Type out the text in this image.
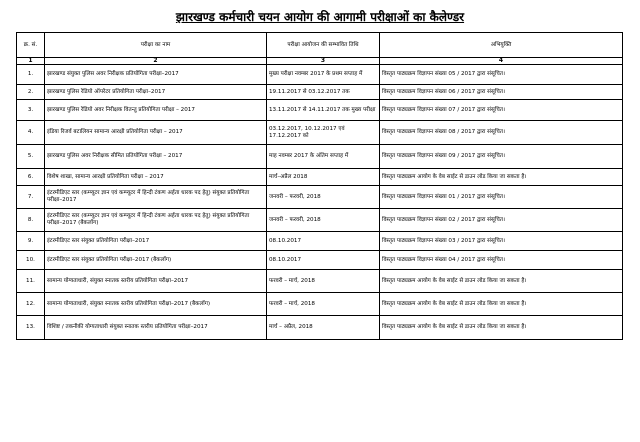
झारखण्ड कर्मचारी चयन आयोग की आगामी परीक्षाओं का कैलेण्डर
क्र. सं.	परीक्षा का नाम	परीक्षा आयोजन की सम्भावित तिथि	अभियुक्ति
1	2	3	4
1.	झारखण्ड संयुक्त पुलिस अवर निरीक्षक प्रतियोगिता परीक्षा–2017	मुख्य परीक्षा नवम्बर 2017 के प्रथम सप्ताह में	विस्तृत पाठ्यक्रम विज्ञापन संख्या 05 / 2017 द्वारा संसूचित।
2.	झारखण्ड पुलिस रेडियो ऑपरेटर प्रतियोगिता परीक्षा–2017	19.11.2017 से 03.12.2017 तक	विस्तृत पाठ्यक्रम विज्ञापन संख्या 06 / 2017 द्वारा संसूचित।
3.	झारखण्ड पुलिस रेडियो अवर निरीक्षक वितन्तु प्रतियोगिता परीक्षा – 2017	13.11.2017 से 14.11.2017 तक मुख्य परीक्षा	विस्तृत पाठ्यक्रम विज्ञापन संख्या 07 / 2017 द्वारा संसूचित।
4.	इंडिया रिजर्व बटालियन सामान्य आरक्षी प्रतियोगिता परीक्षा – 2017	03.12.2017, 10.12.2017 एवं 17.12.2017 को	विस्तृत पाठ्यक्रम विज्ञापन संख्या 08 / 2017 द्वारा संसूचित।
5.	झारखण्ड पुलिस अवर निरीक्षक सीमित प्रतियोगिता परीक्षा – 2017	माह नवम्बर 2017 के अंतिम सप्ताह में	विस्तृत पाठ्यक्रम विज्ञापन संख्या 09 / 2017 द्वारा संसूचित।
6.	विशेष शाखा, सामान्य आरक्षी प्रतियोगिता परीक्षा – 2017	मार्च–अप्रैल 2018	विस्तृत पाठ्यक्रम आयोग के वेब साईट से डाउन लोड किया जा सकता है।
7.	इंटरमीडिएट स्तर (कम्प्यूटर ज्ञान एवं कम्प्यूटर में हिन्दी टंकण अर्हता धारक पद हेतु) संयुक्त प्रतियोगिता परीक्षा–2017	जनवरी – फरवरी, 2018	विस्तृत पाठ्यक्रम विज्ञापन संख्या 01 / 2017 द्वारा संसूचित।
8.	इंटरमीडिएट स्तर (कम्प्यूटर ज्ञान एवं कम्प्यूटर में हिन्दी टंकण अर्हता धारक पद हेतु) संयुक्त प्रतियोगिता परीक्षा–2017 (बैकलॉग)	जनवरी – फरवरी, 2018	विस्तृत पाठ्यक्रम विज्ञापन संख्या 02 / 2017 द्वारा संसूचित।
9.	इंटरमीडिएट स्तर संयुक्त प्रतियोगिता परीक्षा–2017	08.10.2017	विस्तृत पाठ्यक्रम विज्ञापन संख्या 03 / 2017 द्वारा संसूचित।
10.	इंटरमीडिएट स्तर संयुक्त प्रतियोगिता परीक्षा–2017 (बैकलॉग)	08.10.2017	विस्तृत पाठ्यक्रम विज्ञापन संख्या 04 / 2017 द्वारा संसूचित।
11.	सामान्य योग्यताधारी, संयुक्त स्नातक स्तरीय प्रतियोगिता परीक्षा–2017	फरवरी – मार्च, 2018	विस्तृत पाठ्यक्रम आयोग के वेब साईट से डाउन लोड किया जा सकता है।
12.	सामान्य योग्यताधारी, संयुक्त स्नातक स्तरीय प्रतियोगिता परीक्षा–2017 (बैकलॉग)	फरवरी – मार्च, 2018	विस्तृत पाठ्यक्रम आयोग के वेब साईट से डाउन लोड किया जा सकता है।
13.	विशिष्ट / तकनीकी योग्यताधारी संयुक्त स्नातक स्तरीय प्रतियोगिता परीक्षा–2017	मार्च – अप्रैल, 2018	विस्तृत पाठ्यक्रम आयोग के वेब साईट से डाउन लोड किया जा सकता है।
